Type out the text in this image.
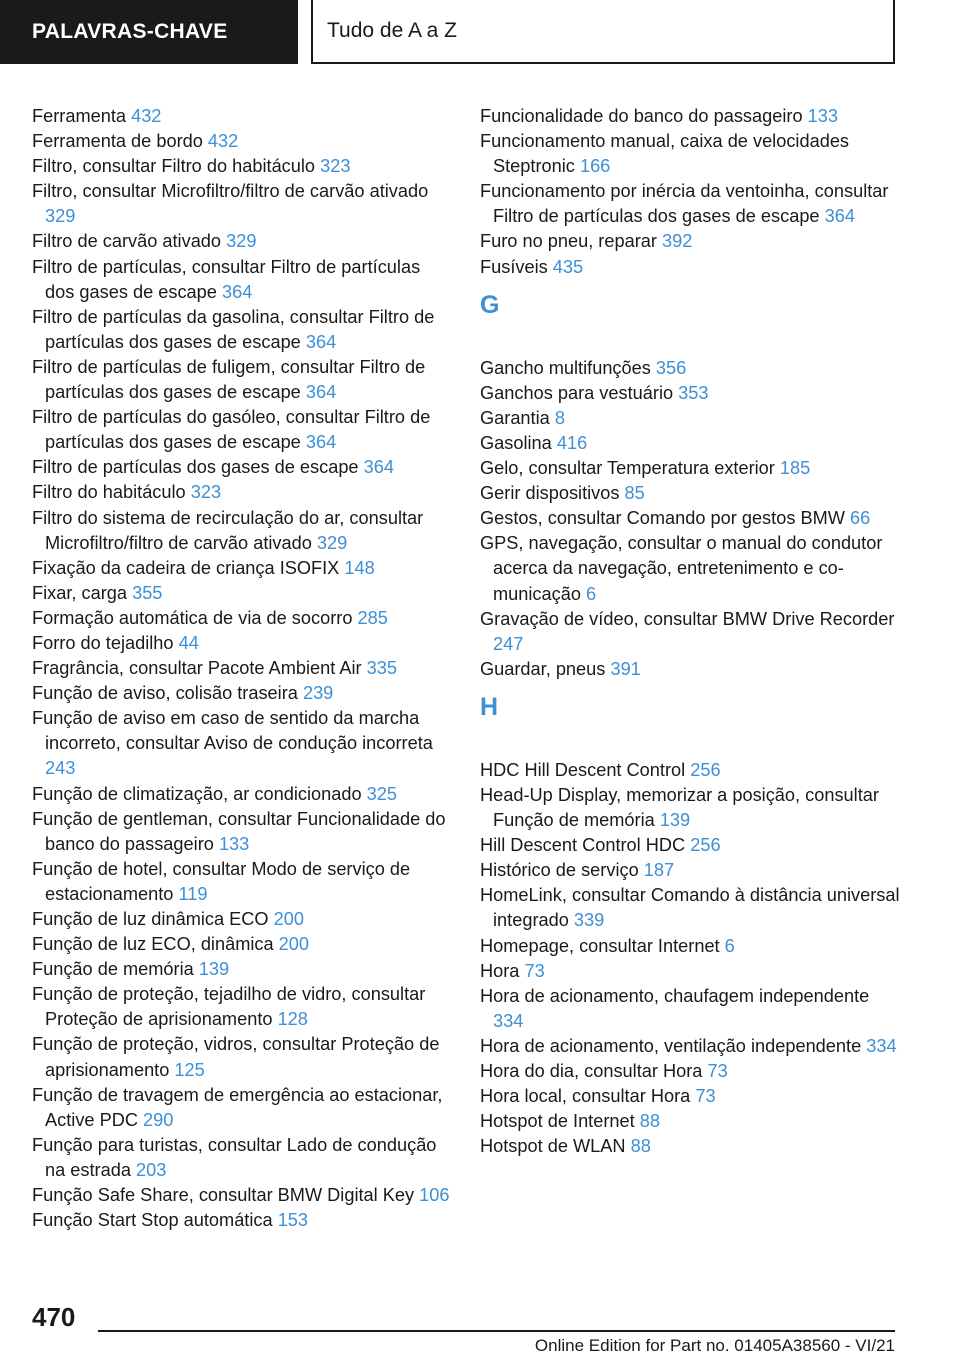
PALAVRAS-CHAVE	Tudo de A a Z

Ferramenta 432

Ferramenta de bordo 432

Filtro, consultar Filtro do habitáculo 323

Filtro, consultar Microfiltro/filtro de carvão ativado 329

Filtro de carvão ativado 329

Filtro de partículas, consultar Filtro de partículas dos gases de escape 364

Filtro de partículas da gasolina, consultar Filtro de partículas dos gases de escape 364

Filtro de partículas de fuligem, consultar Filtro de partículas dos gases de escape 364

Filtro de partículas do gasóleo, consultar Filtro de partículas dos gases de escape 364

Filtro de partículas dos gases de escape 364

Filtro do habitáculo 323

Filtro do sistema de recirculação do ar, consultar Microfiltro/filtro de carvão ativado 329

Fixação da cadeira de criança ISOFIX 148

Fixar, carga 355

Formação automática de via de socorro 285

Forro do tejadilho 44

Fragrância, consultar Pacote Ambient Air 335

Função de aviso, colisão traseira 239

Função de aviso em caso de sentido da marcha incorreto, consultar Aviso de condução incorreta 243

Função de climatização, ar condicionado 325

Função de gentleman, consultar Funcionalidade do banco do passageiro 133

Função de hotel, consultar Modo de serviço de estacionamento 119

Função de luz dinâmica ECO 200

Função de luz ECO, dinâmica 200

Função de memória 139

Função de proteção, tejadilho de vidro, consultar Proteção de aprisionamento 128

Função de proteção, vidros, consultar Proteção de aprisionamento 125

Função de travagem de emergência ao estacionar, Active PDC 290

Função para turistas, consultar Lado de condução na estrada 203

Função Safe Share, consultar BMW Digital Key 106

Função Start Stop automática 153

Funcionalidade do banco do passageiro 133

Funcionamento manual, caixa de velocidades Steptronic 166

Funcionamento por inércia da ventoinha, consultar Filtro de partículas dos gases de escape 364

Furo no pneu, reparar 392

Fusíveis 435

G

Gancho multifunções 356

Ganchos para vestuário 353

Garantia 8

Gasolina 416

Gelo, consultar Temperatura exterior 185

Gerir dispositivos 85

Gestos, consultar Comando por gestos BMW 66

GPS, navegação, consultar o manual do condutor acerca da navegação, entretenimento e comunicação 6

Gravação de vídeo, consultar BMW Drive Recorder 247

Guardar, pneus 391

H

HDC Hill Descent Control 256

Head-Up Display, memorizar a posição, consultar Função de memória 139

Hill Descent Control HDC 256

Histórico de serviço 187

HomeLink, consultar Comando à distância universal integrado 339

Homepage, consultar Internet 6

Hora 73

Hora de acionamento, chaufagem independente 334

Hora de acionamento, ventilação independente 334

Hora do dia, consultar Hora 73

Hora local, consultar Hora 73

Hotspot de Internet 88

Hotspot de WLAN 88

470
Online Edition for Part no. 01405A38560 - VI/21
